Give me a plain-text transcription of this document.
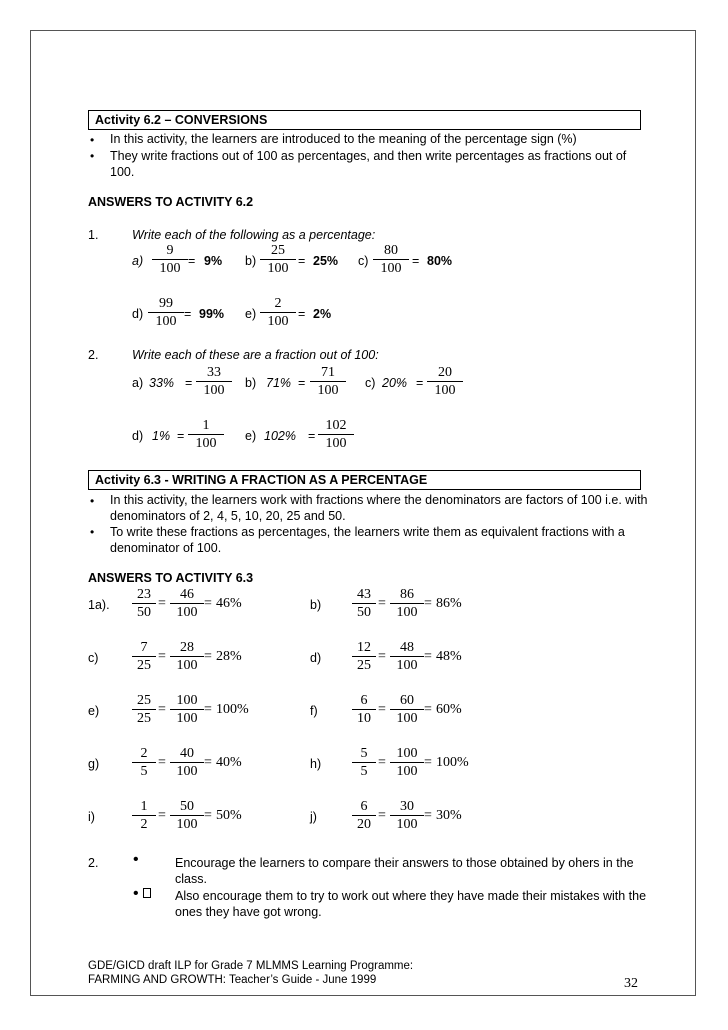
Activity 6.2 – CONVERSIONS
• In this activity, the learners are introduced to the meaning of the percentage sign (%)
• They write fractions out of 100 as percentages, and then write percentages as fractions out of 100.
ANSWERS TO ACTIVITY 6.2
1.	Write each of the following as a percentage:
a)
9
100 = 9% b)
25
100 = 25% c)
80
100 = 80%
d)
99
100 = 99% e)
2
100 = 2%
2.	Write each of these are a fraction out of 100:
a) 33% =
33
100	b) 71% =
71
100	c) 20% =
20
100
d) 1% =
1
100	e) 102% =
102
100
Activity 6.3 - WRITING A FRACTION AS A PERCENTAGE
• In this activity, the learners work with fractions where the denominators are factors of 100 i.e. with denominators of 2, 4, 5, 10, 20, 25 and 50.
• To write these fractions as percentages, the learners write them as equivalent fractions with a denominator of 100.
ANSWERS TO ACTIVITY 6.3
1a).
23
50
=
46
100
= 46%	b)
43
50
=
86
100
= 86%
c)
7
25
=
28
100
= 28%	d)
12
25
=
48
100
= 48%
e)
25
25
=
100
100
= 100%	f)
6
10
=
60
100
= 60%
g)
2
5
=
40
100
= 40%	h)
5
5
=
100
100
= 100%
i)
1
2
=
50
100
= 50%	j)
6
20
=
30
100
= 30%
2. •	Encourage the learners to compare their answers to those obtained by ohers in the class.
•	Also encourage them to try to work out where they have made their mistakes with the ones they have got wrong.
GDE/GICD draft ILP for Grade 7 MLMMS Learning Programme:
FARMING AND GROWTH: Teacher’s Guide - June 1999	32
